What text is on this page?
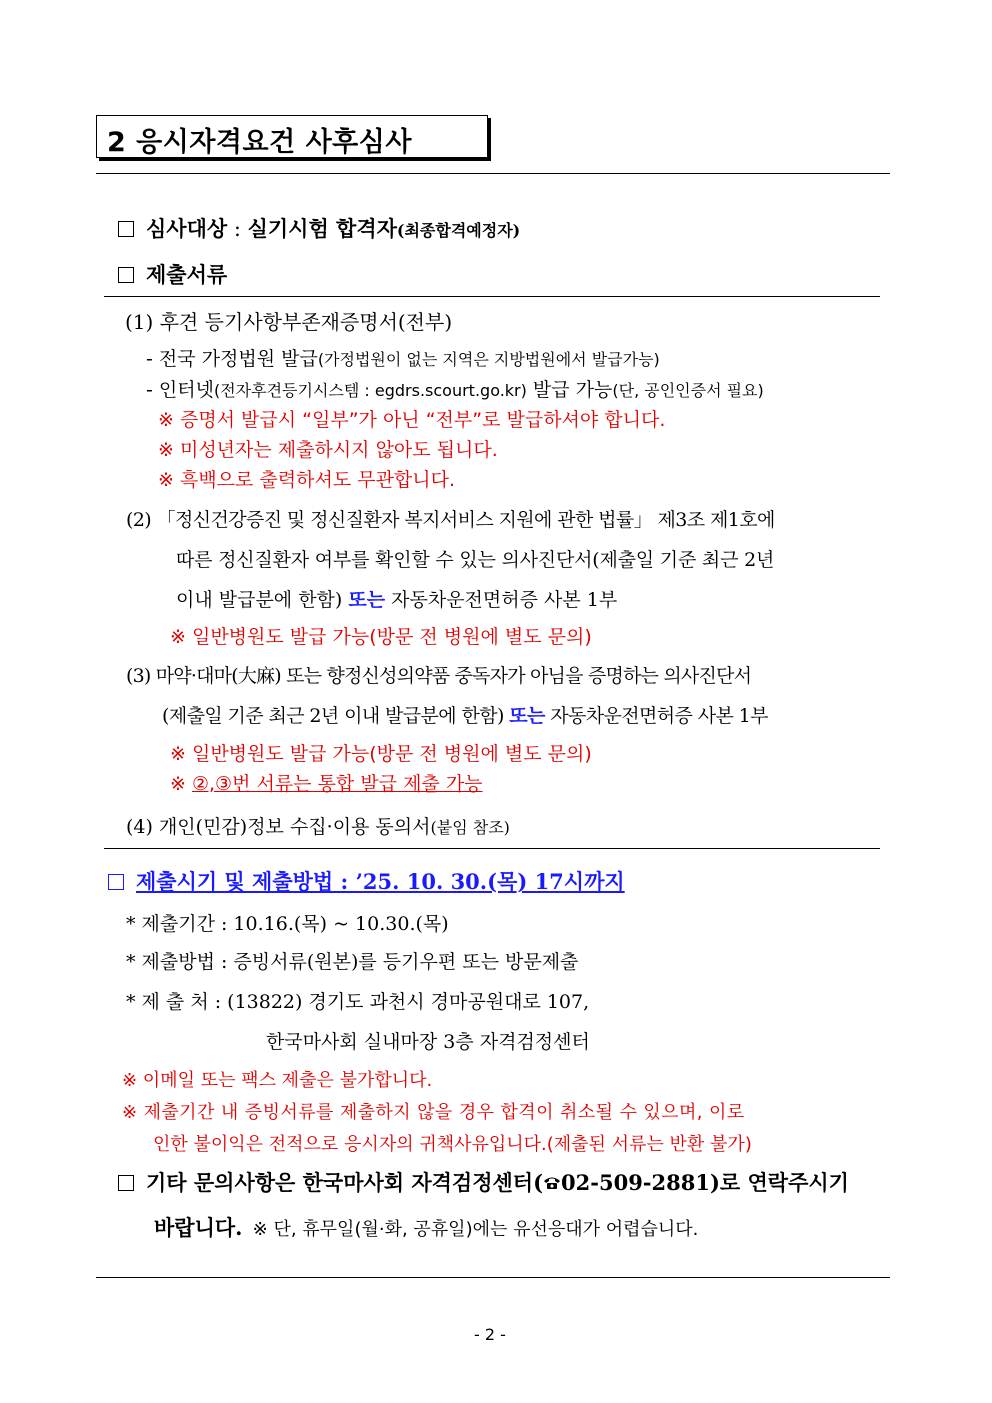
2 응시자격요건 사후심사
심사대상 : 실기시험 합격자(최종합격예정자)
제출서류
(1) 후견 등기사항부존재증명서(전부)
- 전국 가정법원 발급(가정법원이 없는 지역은 지방법원에서 발급가능)
- 인터넷(전자후견등기시스템 : egdrs.scourt.go.kr) 발급 가능(단, 공인인증서 필요)
※ 증명서 발급시 “일부”가 아닌 “전부”로 발급하셔야 합니다.
※ 미성년자는 제출하시지 않아도 됩니다.
※ 흑백으로 출력하셔도 무관합니다.
(2) 「정신건강증진 및 정신질환자 복지서비스 지원에 관한 법률」 제3조 제1호에
따른 정신질환자 여부를 확인할 수 있는 의사진단서(제출일 기준 최근 2년
이내 발급분에 한함) 또는 자동차운전면허증 사본 1부
※ 일반병원도 발급 가능(방문 전 병원에 별도 문의)
(3) 마약·대마(大麻) 또는 향정신성의약품 중독자가 아님을 증명하는 의사진단서
(제출일 기준 최근 2년 이내 발급분에 한함) 또는 자동차운전면허증 사본 1부
※ 일반병원도 발급 가능(방문 전 병원에 별도 문의)
※ ②,③번 서류는 통합 발급 제출 가능
(4) 개인(민감)정보 수집·이용 동의서(붙임 참조)
제출시기 및 제출방법 : ’25. 10. 30.(목) 17시까지
* 제출기간 : 10.16.(목) ~ 10.30.(목)
* 제출방법 : 증빙서류(원본)를 등기우편 또는 방문제출
* 제 출 처 : (13822) 경기도 과천시 경마공원대로 107,
한국마사회 실내마장 3층 자격검정센터
※ 이메일 또는 팩스 제출은 불가합니다.
※ 제출기간 내 증빙서류를 제출하지 않을 경우 합격이 취소될 수 있으며, 이로
인한 불이익은 전적으로 응시자의 귀책사유입니다.(제출된 서류는 반환 불가)
기타 문의사항은 한국마사회 자격검정센터( 02-509-2881)로 연락주시기
바랍니다. ※ 단, 휴무일(월·화, 공휴일)에는 유선응대가 어렵습니다.
- 2 -
